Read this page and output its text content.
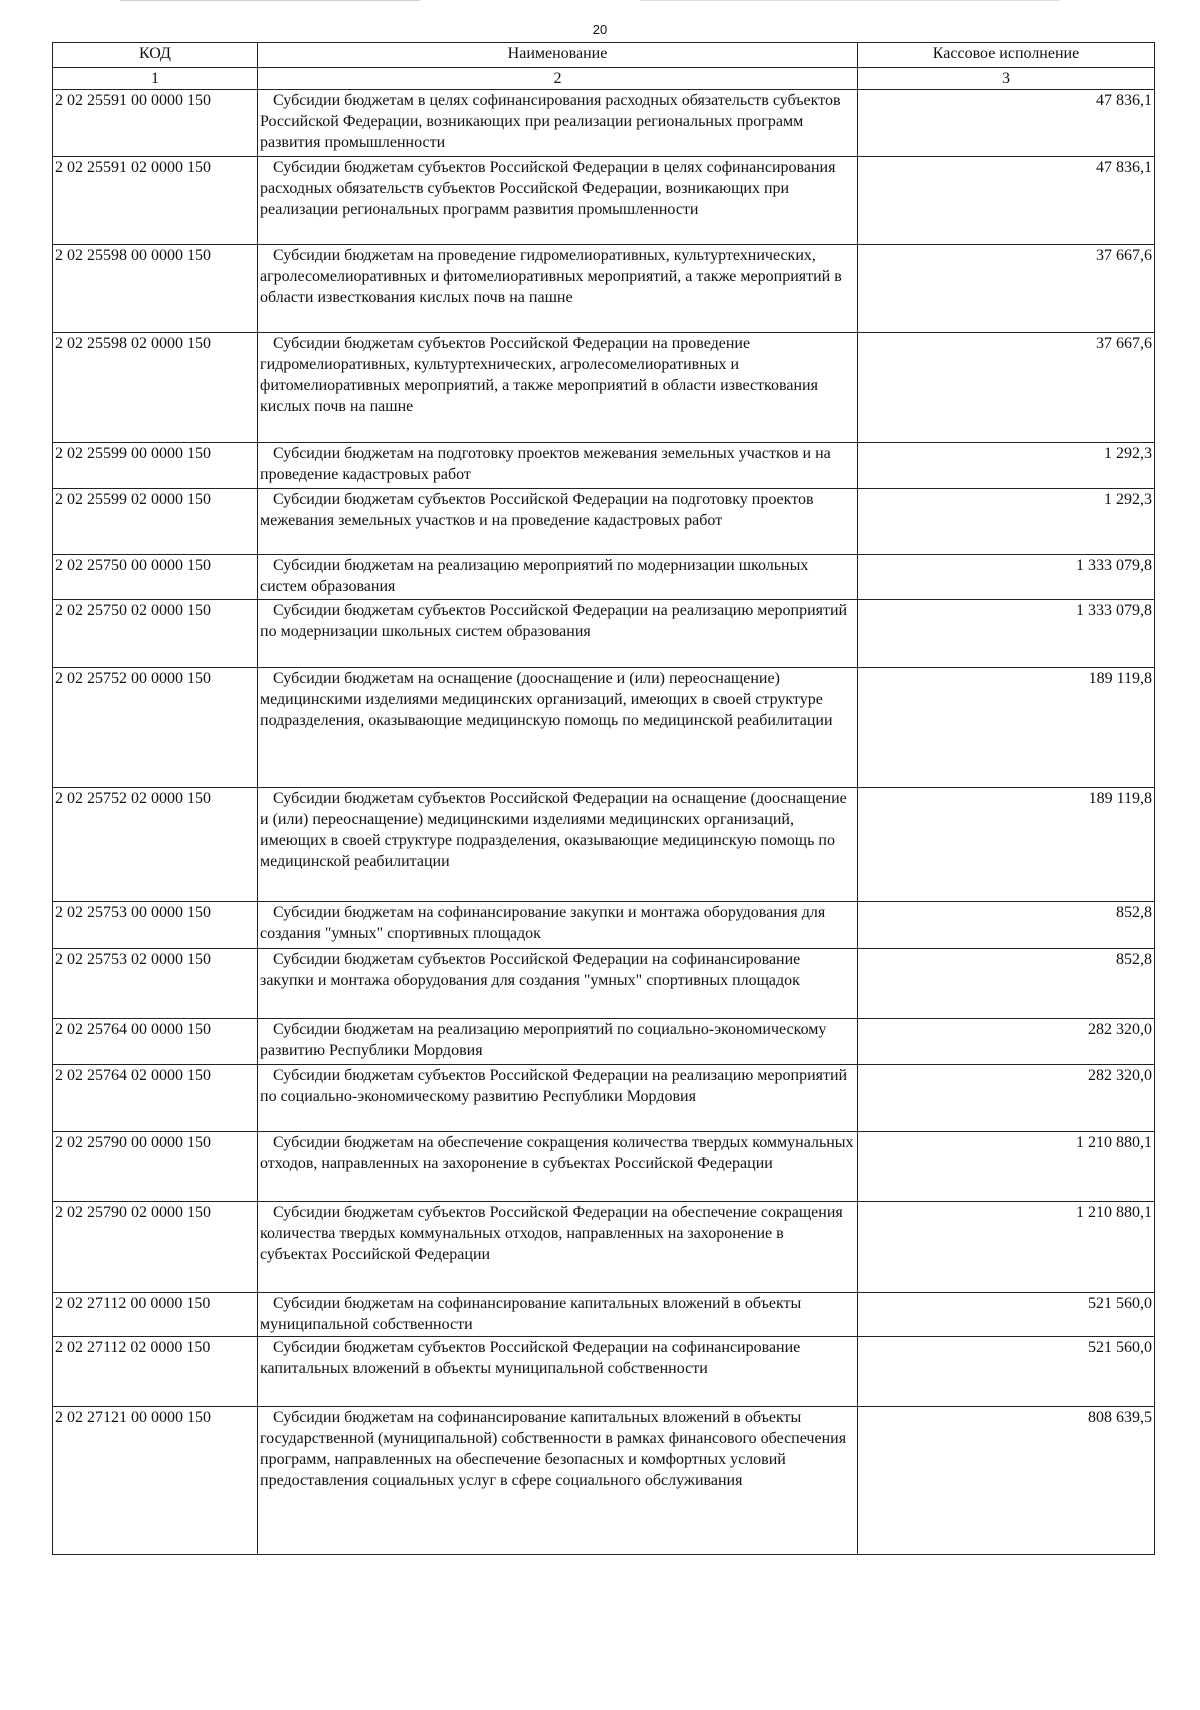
20
КОД	Наименование	Кассовое исполнение
1	2	3
2 02 25591 00 0000 150	Субсидии бюджетам в целях софинансирования расходных обязательств субъектов Российской Федерации, возникающих при реализации региональных программ развития промышленности	47 836,1
2 02 25591 02 0000 150	Субсидии бюджетам субъектов Российской Федерации в целях софинансирования расходных обязательств субъектов Российской Федерации, возникающих при реализации региональных программ развития промышленности	47 836,1
2 02 25598 00 0000 150	Субсидии бюджетам на проведение гидромелиоративных, культуртехнических, агролесомелиоративных и фитомелиоративных мероприятий, а также мероприятий в области известкования кислых почв на пашне	37 667,6
2 02 25598 02 0000 150	Субсидии бюджетам субъектов Российской Федерации на проведение гидромелиоративных, культуртехнических, агролесомелиоративных и фитомелиоративных мероприятий, а также мероприятий в области известкования кислых почв на пашне	37 667,6
2 02 25599 00 0000 150	Субсидии бюджетам на подготовку проектов межевания земельных участков и на проведение кадастровых работ	1 292,3
2 02 25599 02 0000 150	Субсидии бюджетам субъектов Российской Федерации на подготовку проектов межевания земельных участков и на проведение кадастровых работ	1 292,3
2 02 25750 00 0000 150	Субсидии бюджетам на реализацию мероприятий по модернизации школьных систем образования	1 333 079,8
2 02 25750 02 0000 150	Субсидии бюджетам субъектов Российской Федерации на реализацию мероприятий по модернизации школьных систем образования	1 333 079,8
2 02 25752 00 0000 150	Субсидии бюджетам на оснащение (дооснащение и (или) переоснащение) медицинскими изделиями медицинских организаций, имеющих в своей структуре подразделения, оказывающие медицинскую помощь по медицинской реабилитации	189 119,8
2 02 25752 02 0000 150	Субсидии бюджетам субъектов Российской Федерации на оснащение (дооснащение и (или) переоснащение) медицинскими изделиями медицинских организаций, имеющих в своей структуре подразделения, оказывающие медицинскую помощь по медицинской реабилитации	189 119,8
2 02 25753 00 0000 150	Субсидии бюджетам на софинансирование закупки и монтажа оборудования для создания "умных" спортивных площадок	852,8
2 02 25753 02 0000 150	Субсидии бюджетам субъектов Российской Федерации на софинансирование закупки и монтажа оборудования для создания "умных" спортивных площадок	852,8
2 02 25764 00 0000 150	Субсидии бюджетам на реализацию мероприятий по социально-экономическому развитию Республики Мордовия	282 320,0
2 02 25764 02 0000 150	Субсидии бюджетам субъектов Российской Федерации на реализацию мероприятий по социально-экономическому развитию Республики Мордовия	282 320,0
2 02 25790 00 0000 150	Субсидии бюджетам на обеспечение сокращения количества твердых коммунальных отходов, направленных на захоронение в субъектах Российской Федерации	1 210 880,1
2 02 25790 02 0000 150	Субсидии бюджетам субъектов Российской Федерации на обеспечение сокращения количества твердых коммунальных отходов, направленных на захоронение в субъектах Российской Федерации	1 210 880,1
2 02 27112 00 0000 150	Субсидии бюджетам на софинансирование капитальных вложений в объекты муниципальной собственности	521 560,0
2 02 27112 02 0000 150	Субсидии бюджетам субъектов Российской Федерации на софинансирование капитальных вложений в объекты муниципальной собственности	521 560,0
2 02 27121 00 0000 150	Субсидии бюджетам на софинансирование капитальных вложений в объекты государственной (муниципальной) собственности в рамках финансового обеспечения программ, направленных на обеспечение безопасных и комфортных условий предоставления социальных услуг в сфере социального обслуживания	808 639,5
